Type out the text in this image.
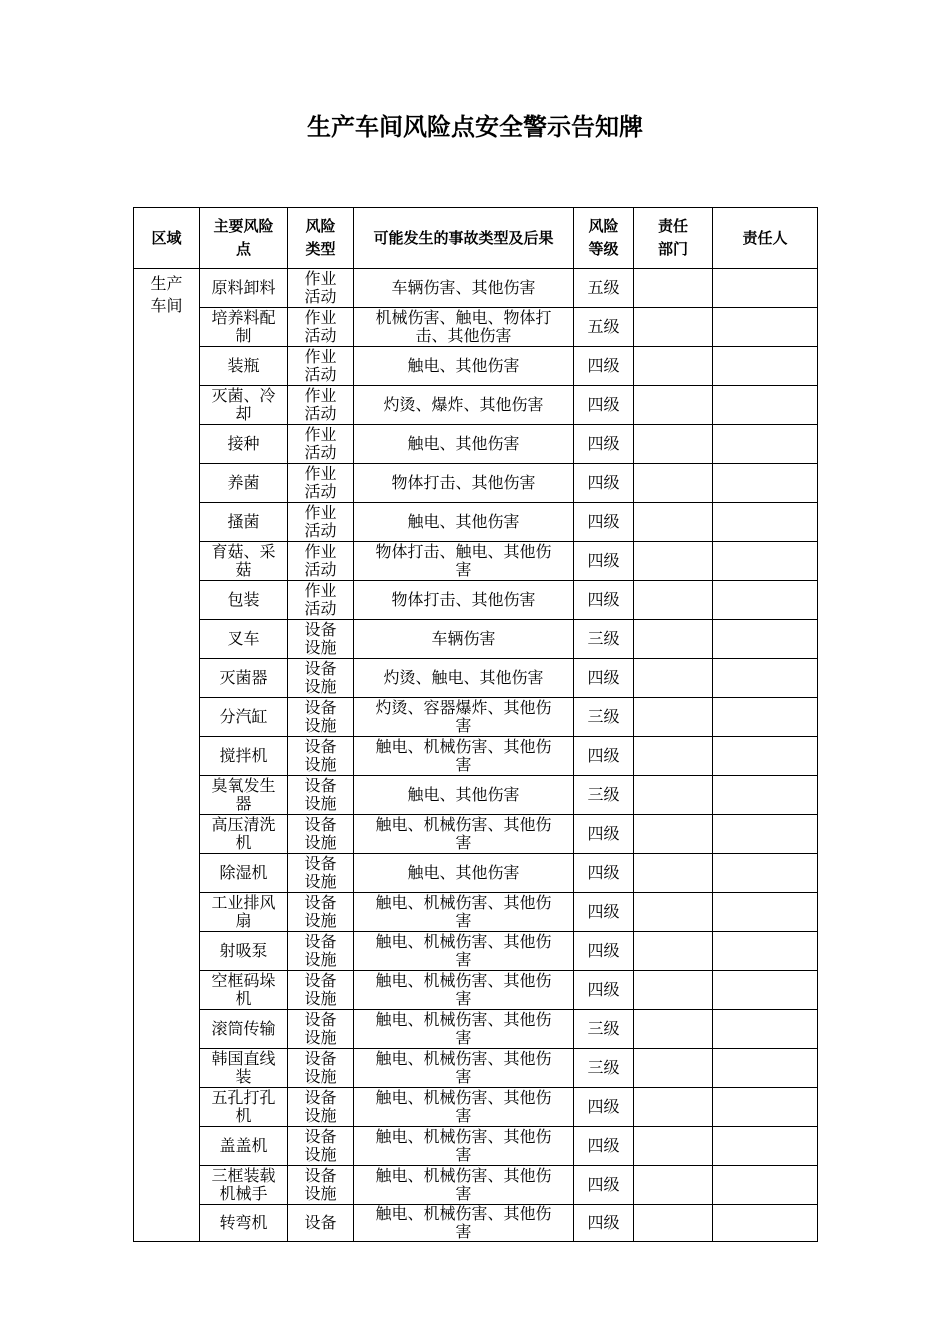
生产车间风险点安全警示告知牌
区域	主要风险点	风险类型	可能发生的事故类型及后果	风险等级	责任部门	责任人

生产车间	原料卸料	作业活动	车辆伤害、其他伤害	五级		

	培养料配制	作业活动	机械伤害、触电、物体打击、其他伤害	五级		

	装瓶	作业活动	触电、其他伤害	四级		

	灭菌、冷却	作业活动	灼烫、爆炸、其他伤害	四级		

	接种	作业活动	触电、其他伤害	四级		

	养菌	作业活动	物体打击、其他伤害	四级		

	搔菌	作业活动	触电、其他伤害	四级		

	育菇、采菇	作业活动	物体打击、触电、其他伤害	四级		

	包装	作业活动	物体打击、其他伤害	四级		

	叉车	设备设施	车辆伤害	三级		

	灭菌器	设备设施	灼烫、触电、其他伤害	四级		

	分汽缸	设备设施	灼烫、容器爆炸、其他伤害	三级		

	搅拌机	设备设施	触电、机械伤害、其他伤害	四级		

	臭氧发生器	设备设施	触电、其他伤害	三级		

	高压清洗机	设备设施	触电、机械伤害、其他伤害	四级		

	除湿机	设备设施	触电、其他伤害	四级		

	工业排风扇	设备设施	触电、机械伤害、其他伤害	四级		

	射吸泵	设备设施	触电、机械伤害、其他伤害	四级		

	空框码垛机	设备设施	触电、机械伤害、其他伤害	四级		

	滚筒传输	设备设施	触电、机械伤害、其他伤害	三级		

	韩国直线装	设备设施	触电、机械伤害、其他伤害	三级		

	五孔打孔机	设备设施	触电、机械伤害、其他伤害	四级		

	盖盖机	设备设施	触电、机械伤害、其他伤害	四级		

	三框装载机械手	设备设施	触电、机械伤害、其他伤害	四级		

	转弯机	设备	触电、机械伤害、其他伤害	四级		
